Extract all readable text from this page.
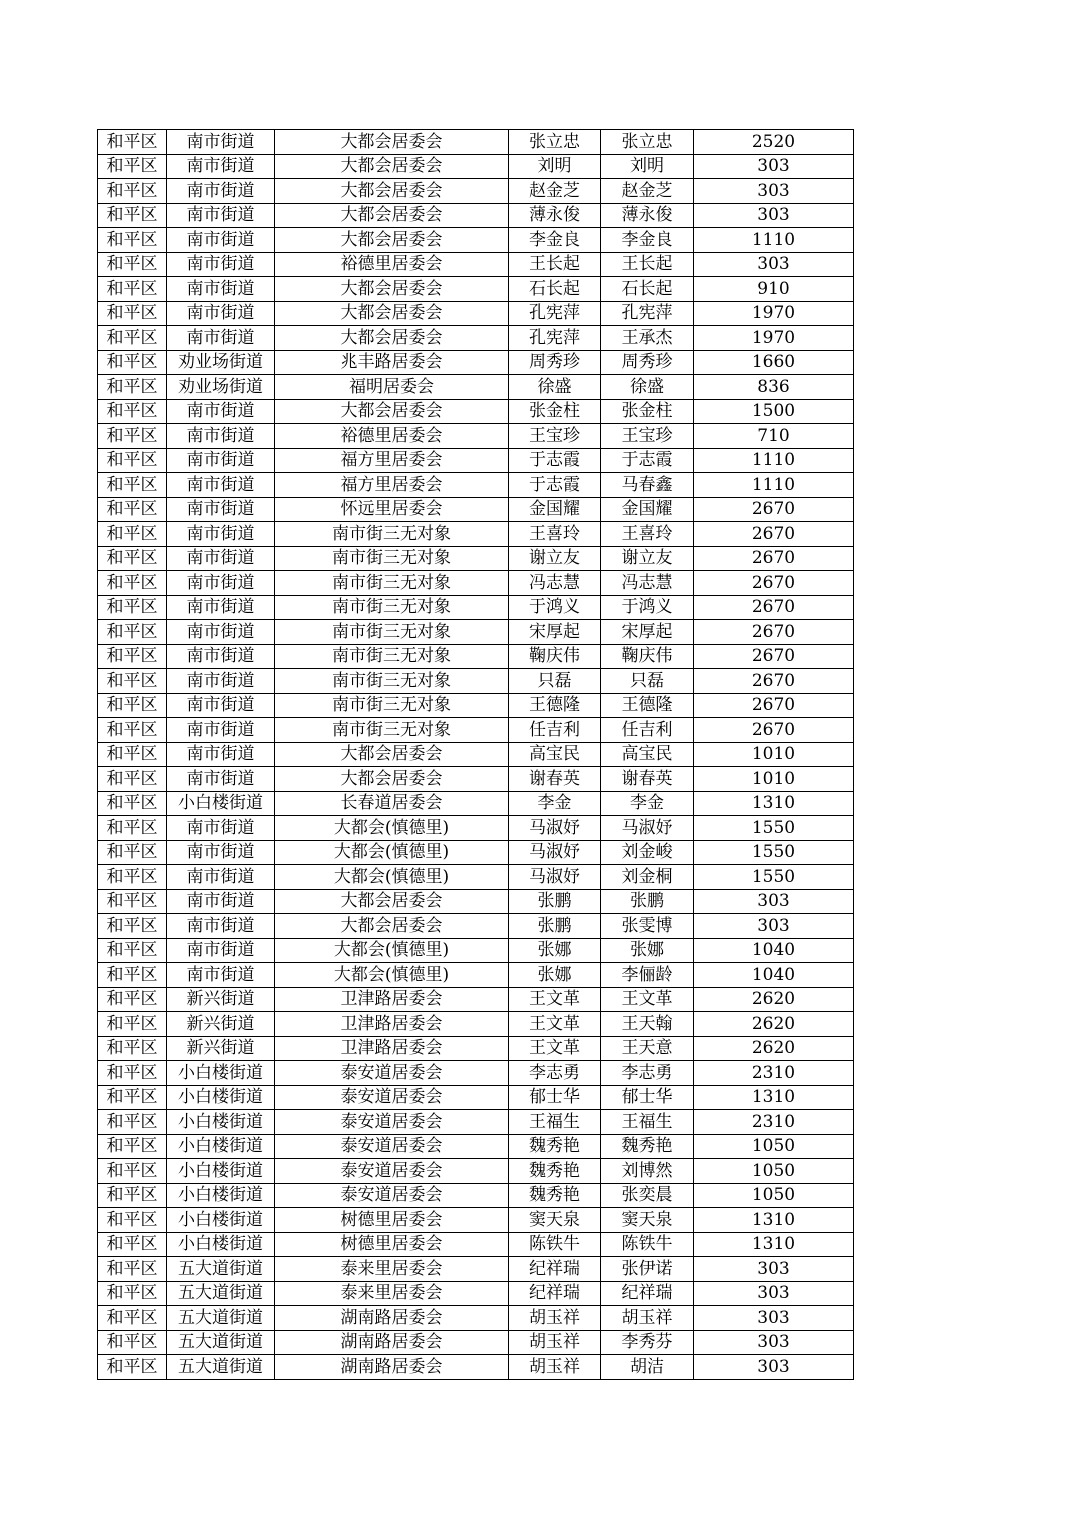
和平区	南市街道	大都会居委会	张立忠	张立忠	2520
和平区	南市街道	大都会居委会	刘明	刘明	303
和平区	南市街道	大都会居委会	赵金芝	赵金芝	303
和平区	南市街道	大都会居委会	薄永俊	薄永俊	303
和平区	南市街道	大都会居委会	李金良	李金良	1110
和平区	南市街道	裕德里居委会	王长起	王长起	303
和平区	南市街道	大都会居委会	石长起	石长起	910
和平区	南市街道	大都会居委会	孔宪萍	孔宪萍	1970
和平区	南市街道	大都会居委会	孔宪萍	王承杰	1970
和平区	劝业场街道	兆丰路居委会	周秀珍	周秀珍	1660
和平区	劝业场街道	福明居委会	徐盛	徐盛	836
和平区	南市街道	大都会居委会	张金柱	张金柱	1500
和平区	南市街道	裕德里居委会	王宝珍	王宝珍	710
和平区	南市街道	福方里居委会	于志霞	于志霞	1110
和平区	南市街道	福方里居委会	于志霞	马春鑫	1110
和平区	南市街道	怀远里居委会	金国耀	金国耀	2670
和平区	南市街道	南市街三无对象	王喜玲	王喜玲	2670
和平区	南市街道	南市街三无对象	谢立友	谢立友	2670
和平区	南市街道	南市街三无对象	冯志慧	冯志慧	2670
和平区	南市街道	南市街三无对象	于鸿义	于鸿义	2670
和平区	南市街道	南市街三无对象	宋厚起	宋厚起	2670
和平区	南市街道	南市街三无对象	鞠庆伟	鞠庆伟	2670
和平区	南市街道	南市街三无对象	只磊	只磊	2670
和平区	南市街道	南市街三无对象	王德隆	王德隆	2670
和平区	南市街道	南市街三无对象	任吉利	任吉利	2670
和平区	南市街道	大都会居委会	高宝民	高宝民	1010
和平区	南市街道	大都会居委会	谢春英	谢春英	1010
和平区	小白楼街道	长春道居委会	李金	李金	1310
和平区	南市街道	大都会(慎德里)	马淑妤	马淑妤	1550
和平区	南市街道	大都会(慎德里)	马淑妤	刘金峻	1550
和平区	南市街道	大都会(慎德里)	马淑妤	刘金桐	1550
和平区	南市街道	大都会居委会	张鹏	张鹏	303
和平区	南市街道	大都会居委会	张鹏	张雯博	303
和平区	南市街道	大都会(慎德里)	张娜	张娜	1040
和平区	南市街道	大都会(慎德里)	张娜	李俪龄	1040
和平区	新兴街道	卫津路居委会	王文革	王文革	2620
和平区	新兴街道	卫津路居委会	王文革	王天翰	2620
和平区	新兴街道	卫津路居委会	王文革	王天意	2620
和平区	小白楼街道	泰安道居委会	李志勇	李志勇	2310
和平区	小白楼街道	泰安道居委会	郁士华	郁士华	1310
和平区	小白楼街道	泰安道居委会	王福生	王福生	2310
和平区	小白楼街道	泰安道居委会	魏秀艳	魏秀艳	1050
和平区	小白楼街道	泰安道居委会	魏秀艳	刘博然	1050
和平区	小白楼街道	泰安道居委会	魏秀艳	张奕晨	1050
和平区	小白楼街道	树德里居委会	窦天泉	窦天泉	1310
和平区	小白楼街道	树德里居委会	陈铁牛	陈铁牛	1310
和平区	五大道街道	泰来里居委会	纪祥瑞	张伊诺	303
和平区	五大道街道	泰来里居委会	纪祥瑞	纪祥瑞	303
和平区	五大道街道	湖南路居委会	胡玉祥	胡玉祥	303
和平区	五大道街道	湖南路居委会	胡玉祥	李秀芬	303
和平区	五大道街道	湖南路居委会	胡玉祥	胡洁	303
